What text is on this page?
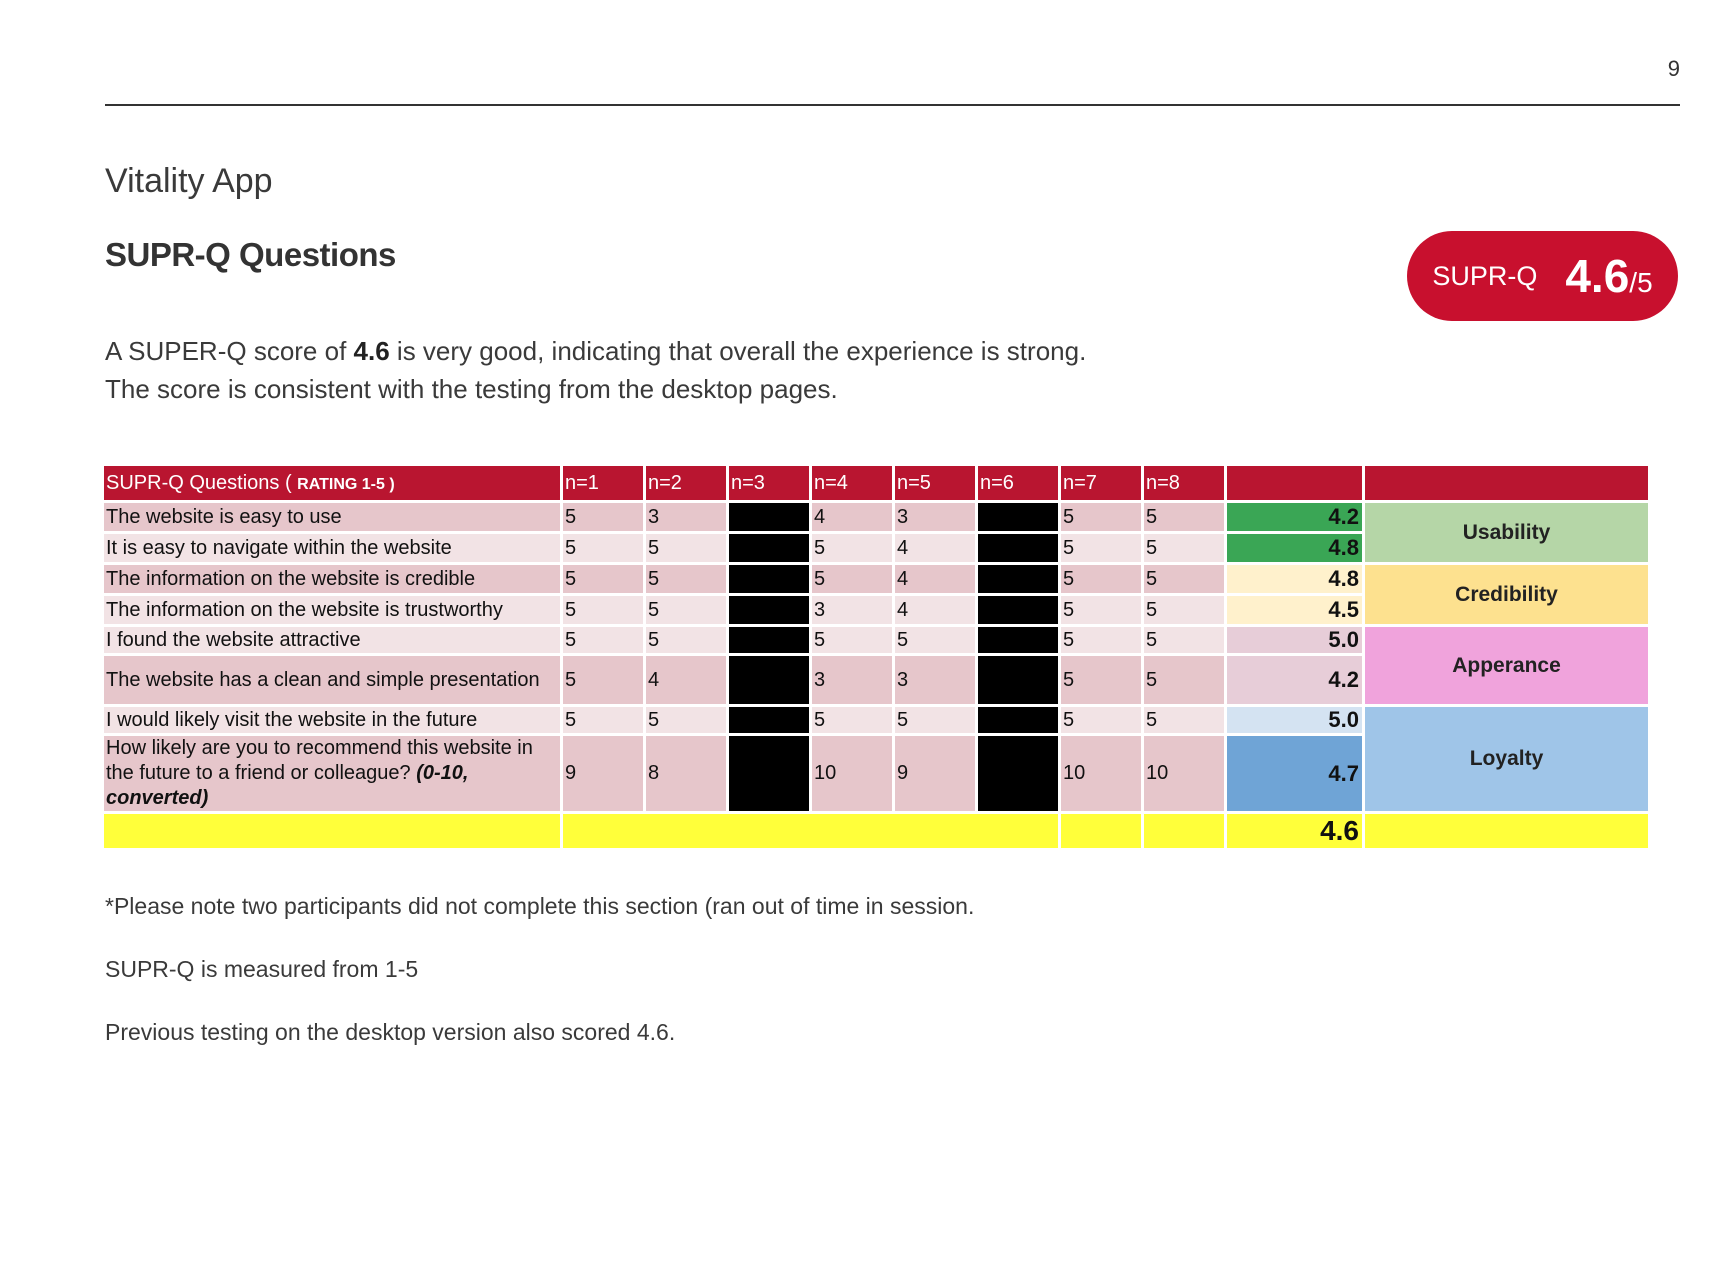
9
Vitality App
SUPR-Q Questions
SUPR-Q 4.6 /5
A SUPER-Q score of 4.6 is very good, indicating that overall the experience is strong.
The score is consistent with the testing from the desktop pages.
SUPR-Q Questions ( RATING 1-5 )	n=1	n=2	n=3	n=4	n=5	n=6	n=7	n=8		
The website is easy to use	5	3		4	3		5	5	4.2	Usability
It is easy to navigate within the website	5	5		5	4		5	5	4.8	
The information on the website is credible	5	5		5	4		5	5	4.8	Credibility
The information on the website is trustworthy	5	5		3	4		5	5	4.5	
I found the website attractive	5	5		5	5		5	5	5.0	Apperance
The website has a clean and simple presentation	5	4		3	3		5	5	4.2	
I would likely visit the website in the future	5	5		5	5		5	5	5.0	Loyalty
How likely are you to recommend this website in the future to a friend or colleague? (0-10, converted)	9	8		10	9		10	10	4.7	
									4.6	
*Please note two participants did not complete this section (ran out of time in session.
SUPR-Q is measured from 1-5
Previous testing on the desktop version also scored 4.6.
